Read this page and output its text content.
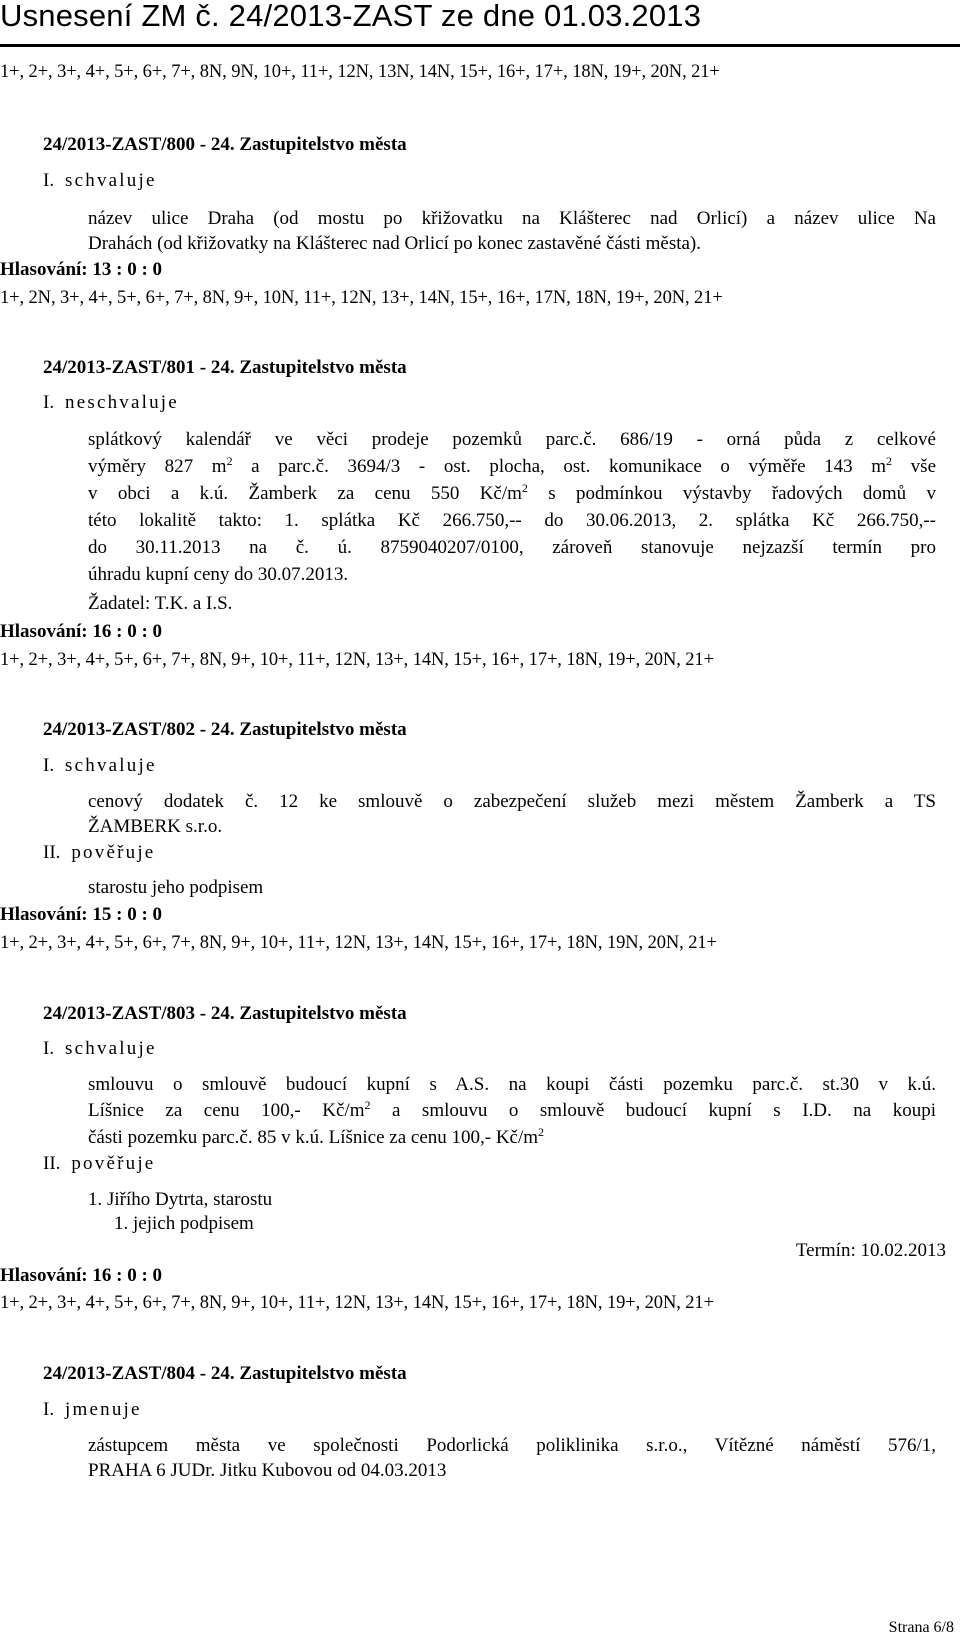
Usnesení ZM č. 24/2013-ZAST ze dne 01.03.2013
1+, 2+, 3+, 4+, 5+, 6+, 7+, 8N, 9N, 10+, 11+, 12N, 13N, 14N, 15+, 16+, 17+, 18N, 19+, 20N, 21+
24/2013-ZAST/800 - 24. Zastupitelstvo města
I. schvaluje
název ulice Draha (od mostu po křižovatku na Klášterec nad Orlicí) a název ulice Na
Drahách (od křižovatky na Klášterec nad Orlicí po konec zastavěné části města).
Hlasování: 13 : 0 : 0
1+, 2N, 3+, 4+, 5+, 6+, 7+, 8N, 9+, 10N, 11+, 12N, 13+, 14N, 15+, 16+, 17N, 18N, 19+, 20N, 21+
24/2013-ZAST/801 - 24. Zastupitelstvo města
I. neschvaluje
splátkový kalendář ve věci prodeje pozemků parc.č. 686/19 - orná půda z celkové
výměry 827 $m^2$ a parc.č. 3694/3 - ost. plocha, ost. komunikace o výměře 143 $m^2$ vše
v obci a k.ú. Žamberk za cenu 550 $Kč/m^2$ s podmínkou výstavby řadových domů v
této lokalitě takto: 1. splátka Kč 266.750,-- do 30.06.2013, 2. splátka Kč 266.750,--
do 30.11.2013 na č. ú. 8759040207/0100, zároveň stanovuje nejzazší termín pro
úhradu kupní ceny do 30.07.2013.
Žadatel: T.K. a I.S.
Hlasování: 16 : 0 : 0
1+, 2+, 3+, 4+, 5+, 6+, 7+, 8N, 9+, 10+, 11+, 12N, 13+, 14N, 15+, 16+, 17+, 18N, 19+, 20N, 21+
24/2013-ZAST/802 - 24. Zastupitelstvo města
I. schvaluje
cenový dodatek č. 12 ke smlouvě o zabezpečení služeb mezi městem Žamberk a TS
ŽAMBERK s.r.o.
II. pověřuje
starostu jeho podpisem
Hlasování: 15 : 0 : 0
1+, 2+, 3+, 4+, 5+, 6+, 7+, 8N, 9+, 10+, 11+, 12N, 13+, 14N, 15+, 16+, 17+, 18N, 19N, 20N, 21+
24/2013-ZAST/803 - 24. Zastupitelstvo města
I. schvaluje
smlouvu o smlouvě budoucí kupní s A.S. na koupi části pozemku parc.č. st.30 v k.ú.
Líšnice za cenu 100,- $Kč/m^2$ a smlouvu o smlouvě budoucí kupní s I.D. na koupi
části pozemku parc.č. 85 v k.ú. Líšnice za cenu 100,- $Kč/m^2$
II. pověřuje
1. Jiřího Dytrta, starostu
1. jejich podpisem
Termín: 10.02.2013
Hlasování: 16 : 0 : 0
1+, 2+, 3+, 4+, 5+, 6+, 7+, 8N, 9+, 10+, 11+, 12N, 13+, 14N, 15+, 16+, 17+, 18N, 19+, 20N, 21+
24/2013-ZAST/804 - 24. Zastupitelstvo města
I. jmenuje
zástupcem města ve společnosti Podorlická poliklinika s.r.o., Vítězné náměstí 576/1,
PRAHA 6 JUDr. Jitku Kubovou od 04.03.2013
Strana 6/8
